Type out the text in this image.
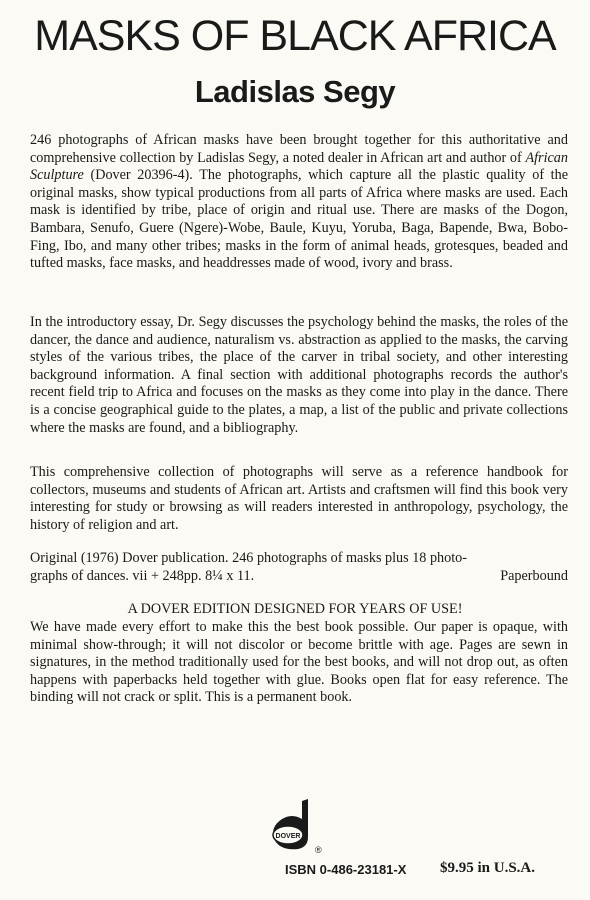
MASKS OF BLACK AFRICA
Ladislas Segy

246 photographs of African masks have been brought together for this authoritative and comprehensive collection by Ladislas Segy, a noted dealer in African art and author of African Sculpture (Dover 20396-4). The photographs, which capture all the plastic quality of the original masks, show typical productions from all parts of Africa where masks are used. Each mask is identified by tribe, place of origin and ritual use. There are masks of the Dogon, Bambara, Senufo, Guere (Ngere)-Wobe, Baule, Kuyu, Yoruba, Baga, Bapende, Bwa, Bobo-Fing, Ibo, and many other tribes; masks in the form of animal heads, grotesques, beaded and tufted masks, face masks, and headdresses made of wood, ivory and brass.

In the introductory essay, Dr. Segy discusses the psychology behind the masks, the roles of the dancer, the dance and audience, naturalism vs. abstraction as applied to the masks, the carving styles of the various tribes, the place of the carver in tribal society, and other interesting background information. A final section with additional photographs records the author's recent field trip to Africa and focuses on the masks as they come into play in the dance. There is a concise geographical guide to the plates, a map, a list of the public and private collections where the masks are found, and a bibliography.

This comprehensive collection of photographs will serve as a reference handbook for collectors, museums and students of African art. Artists and craftsmen will find this book very interesting for study or browsing as will readers interested in anthropology, psychology, the history of religion and art.

Original (1976) Dover publication. 246 photographs of masks plus 18 photo-
graphs of dances. vii + 248pp. 8¼ x 11.	Paperbound

A DOVER EDITION DESIGNED FOR YEARS OF USE!

We have made every effort to make this the best book possible. Our paper is opaque, with minimal show-through; it will not discolor or become brittle with age. Pages are sewn in signatures, in the method traditionally used for the best books, and will not drop out, as often happens with paperbacks held together with glue. Books open flat for easy reference. The binding will not crack or split. This is a permanent book.

DOVER
®

ISBN 0-486-23181-X $9.95 in U.S.A.
